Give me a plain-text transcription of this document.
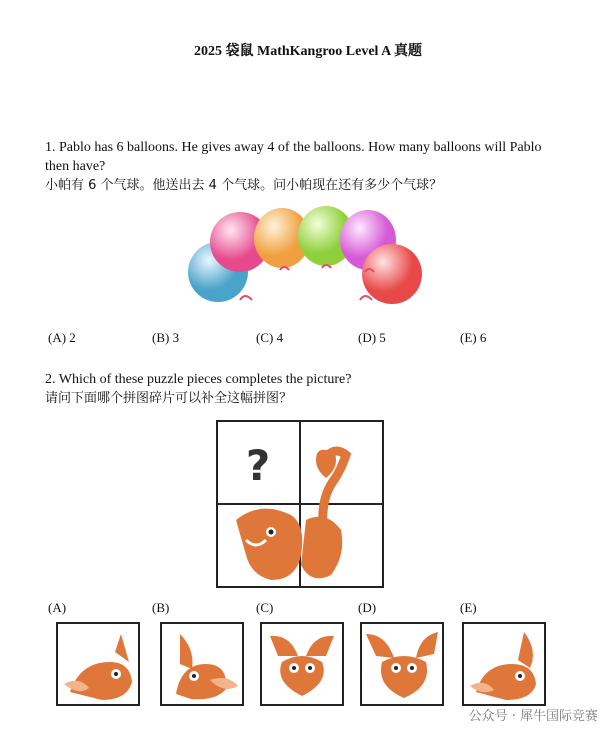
2025 袋鼠 MathKangroo Level A 真题
1. Pablo has 6 balloons. He gives away 4 of the balloons. How many balloons will Pablo then have?
小帕有 6 个气球。他送出去 4 个气球。问小帕现在还有多少个气球？
(A) 2	(B) 3	(C) 4	(D) 5	(E) 6
2. Which of these puzzle pieces completes the picture?
请问下面哪个拼图碎片可以补全这幅拼图？
?
(A)	(B)	(C)	(D)	(E)
公众号 · 犀牛国际竞赛
